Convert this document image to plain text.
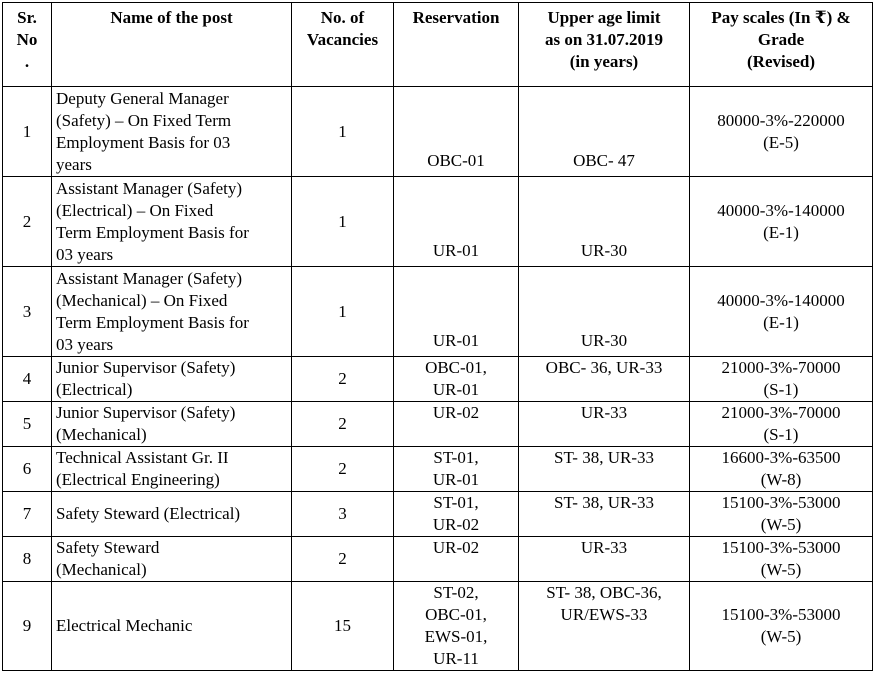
Sr.
No
.	Name of the post	No. of
Vacancies	Reservation	Upper age limit
as on 31.07.2019
(in years)	Pay scales (In ₹) &
Grade
(Revised)

1	Deputy General Manager
(Safety) – On Fixed Term
Employment Basis for 03
years	1	OBC-01	OBC- 47	80000-3%-220000
(E-5)

2	Assistant Manager (Safety)
(Electrical) – On Fixed
Term Employment Basis for
03 years	1	UR-01	UR-30	40000-3%-140000
(E-1)

3	Assistant Manager (Safety)
(Mechanical) – On Fixed
Term Employment Basis for
03 years	1	UR-01	UR-30	40000-3%-140000
(E-1)

4	Junior Supervisor (Safety)
(Electrical)	2	OBC-01,
UR-01	OBC- 36, UR-33	21000-3%-70000
(S-1)

5	Junior Supervisor (Safety)
(Mechanical)	2	UR-02	UR-33	21000-3%-70000
(S-1)

6	Technical Assistant Gr. II
(Electrical Engineering)	2	ST-01,
UR-01	ST- 38, UR-33	16600-3%-63500
(W-8)

7	Safety Steward (Electrical)	3	ST-01,
UR-02	ST- 38, UR-33	15100-3%-53000
(W-5)

8	Safety Steward
(Mechanical)	2	UR-02	UR-33	15100-3%-53000
(W-5)

9	Electrical Mechanic	15	ST-02,
OBC-01,
EWS-01,
UR-11	ST- 38, OBC-36,
UR/EWS-33	15100-3%-53000
(W-5)
